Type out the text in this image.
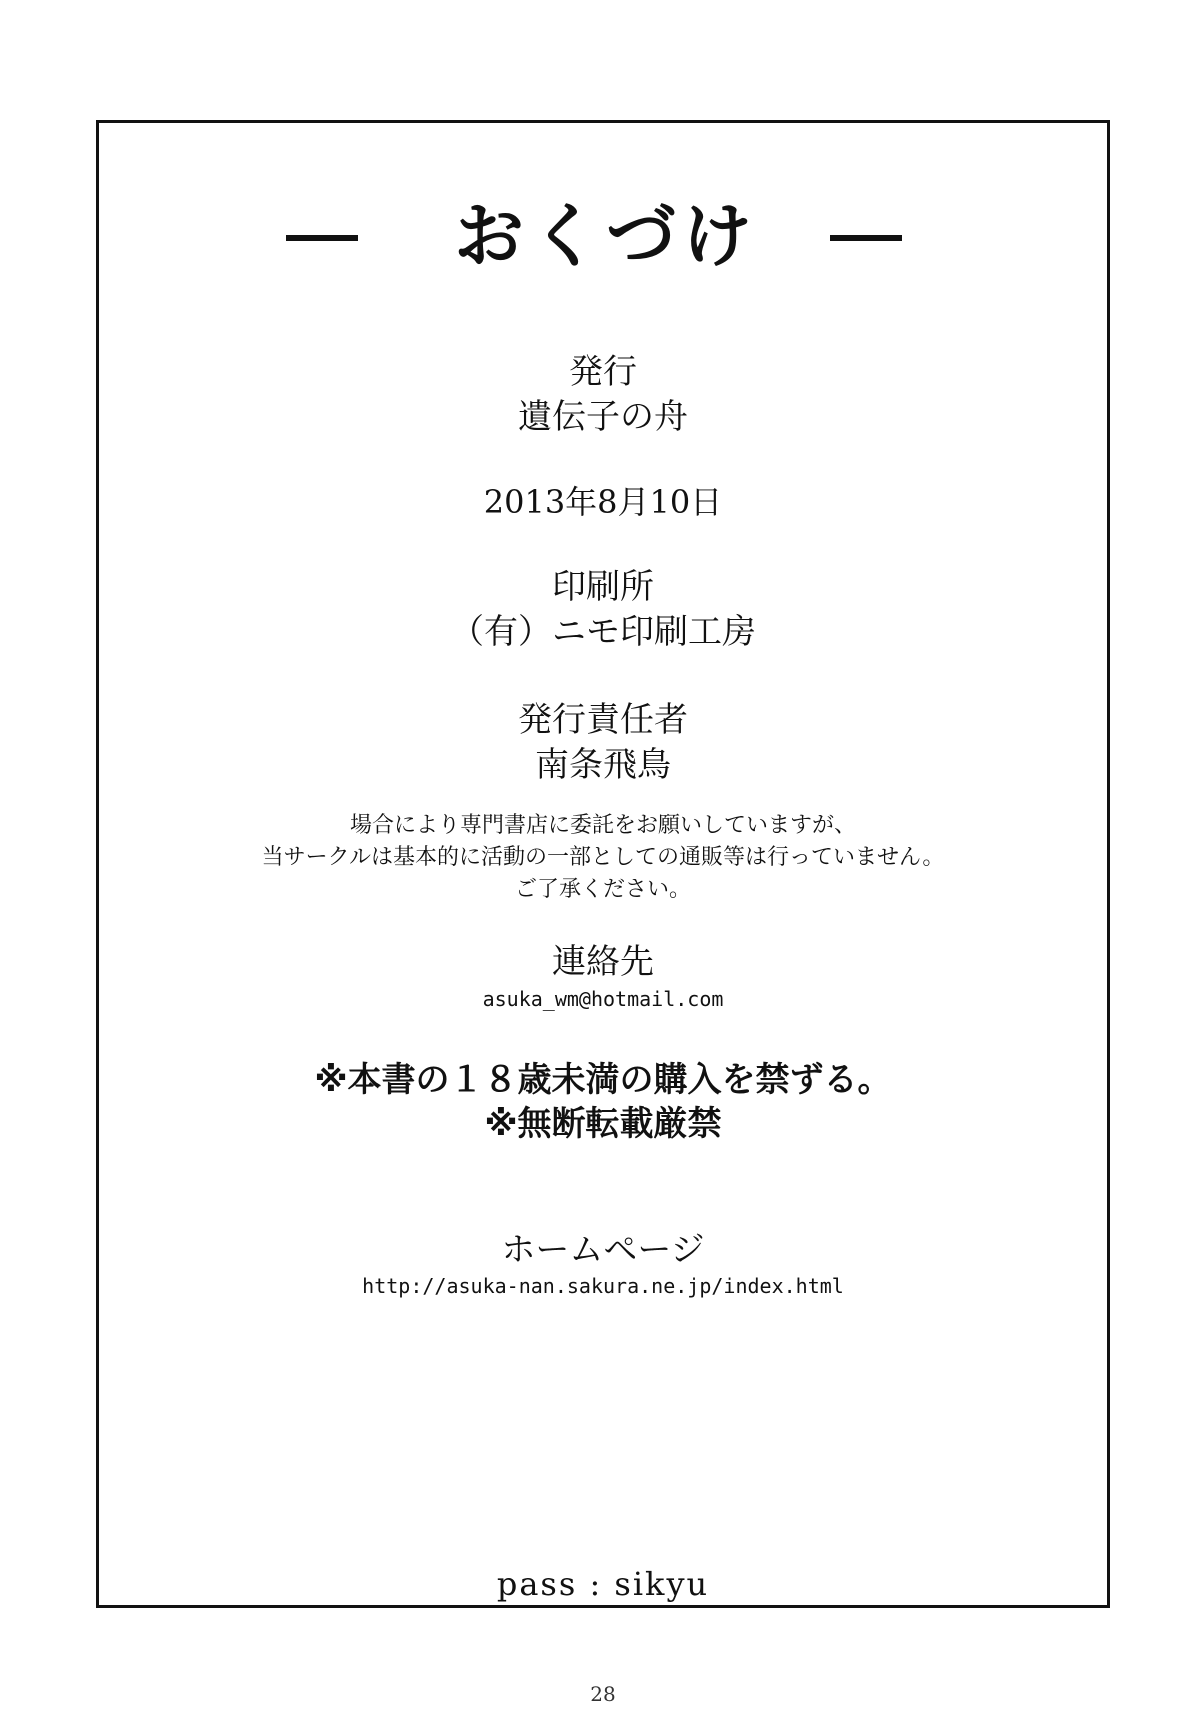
おくづけ
発行
遺伝子の舟
2013年8月10日
印刷所
（有）ニモ印刷工房
発行責任者
南条飛鳥
場合により専門書店に委託をお願いしていますが、
当サークルは基本的に活動の一部としての通販等は行っていません。
ご了承ください。
連絡先
asuka_wm@hotmail.com
※本書の１８歳未満の購入を禁ずる。
※無断転載厳禁
ホームページ
http://asuka-nan.sakura.ne.jp/index.html
pass : sikyu
28
